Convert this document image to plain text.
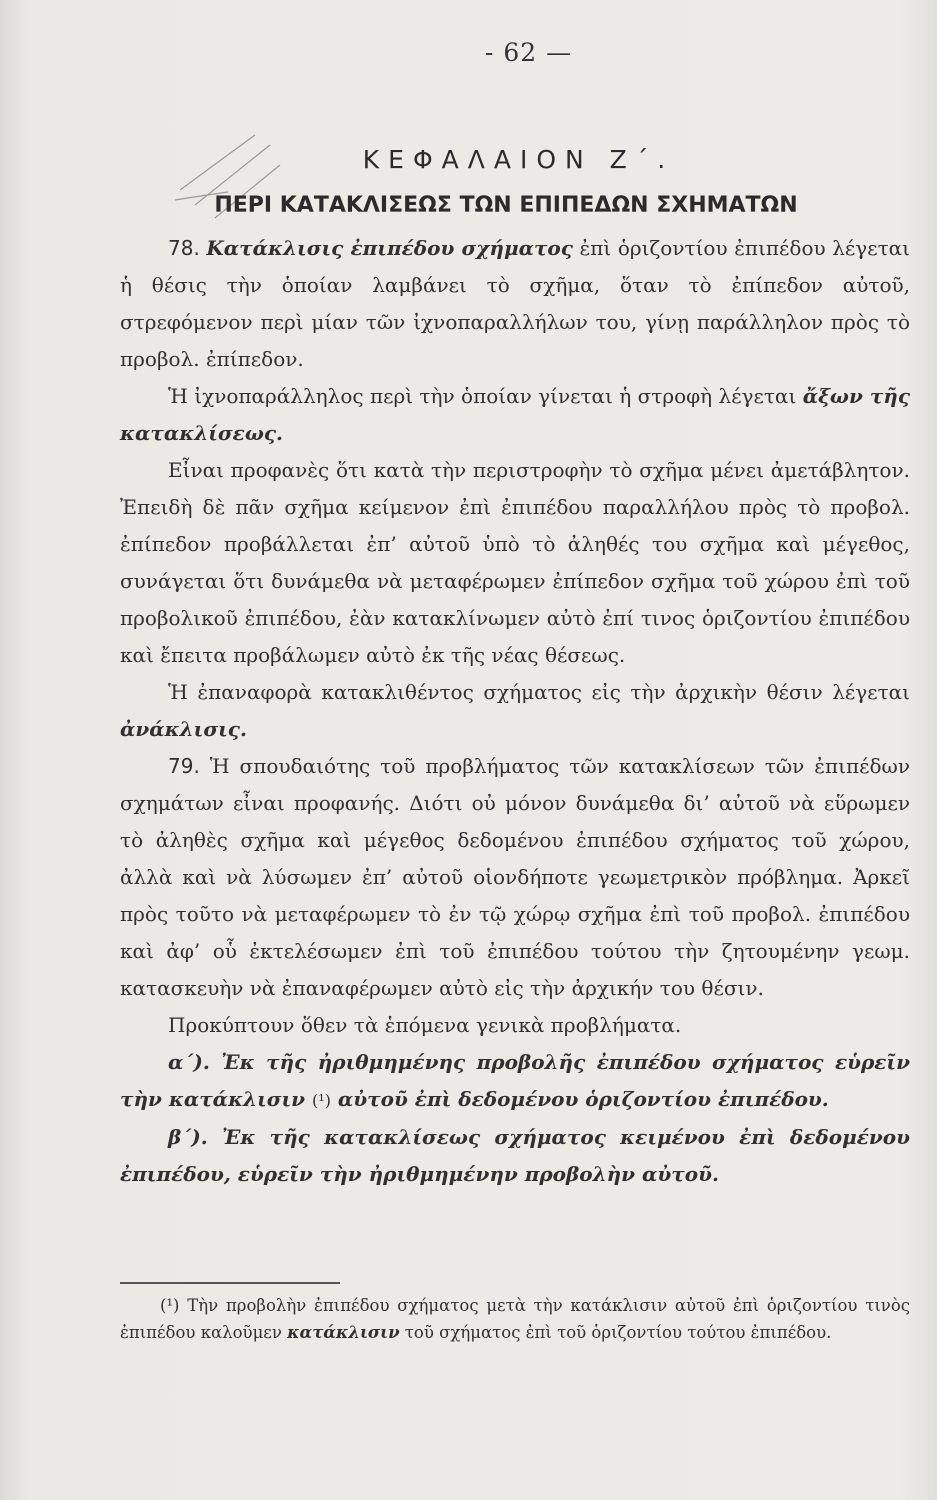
- 62 —
ΚΕΦΑΛΑΙΟΝ Ζ΄.
ΠΕΡΙ ΚΑΤΑΚΛΙΣΕΩΣ ΤΩΝ ΕΠΙΠΕΔΩΝ ΣΧΗΜΑΤΩΝ

78. Κατάκλισις ἐπιπέδου σχήματος ἐπὶ ὁριζοντίου ἐπιπέδου λέγεται ἡ θέσις τὴν ὁποίαν λαμβάνει τὸ σχῆμα, ὅταν τὸ ἐπίπεδον αὐτοῦ, στρεφόμενον περὶ μίαν τῶν ἰχνοπαραλλήλων του, γίνῃ παράλληλον πρὸς τὸ προβολ. ἐπίπεδον.

Ἡ ἰχνοπαράλληλος περὶ τὴν ὁποίαν γίνεται ἡ στροφὴ λέγεται ἄξων τῆς κατακλίσεως.

Εἶναι προφανὲς ὅτι κατὰ τὴν περιστροφὴν τὸ σχῆμα μένει ἀμετάβλητον. Ἐπειδὴ δὲ πᾶν σχῆμα κείμενον ἐπὶ ἐπιπέδου παραλλήλου πρὸς τὸ προβολ. ἐπίπεδον προβάλλεται ἐπ’ αὐτοῦ ὑπὸ τὸ ἀληθές του σχῆμα καὶ μέγεθος, συνάγεται ὅτι δυνάμεθα νὰ μεταφέρωμεν ἐπίπεδον σχῆμα τοῦ χώρου ἐπὶ τοῦ προβολικοῦ ἐπιπέδου, ἐὰν κατακλίνωμεν αὐτὸ ἐπί τινος ὁριζοντίου ἐπιπέδου καὶ ἔπειτα προβάλωμεν αὐτὸ ἐκ τῆς νέας θέσεως.

Ἡ ἐπαναφορὰ κατακλιθέντος σχήματος εἰς τὴν ἀρχικὴν θέσιν λέγεται ἀνάκλισις.

79. Ἡ σπουδαιότης τοῦ προβλήματος τῶν κατακλίσεων τῶν ἐπιπέδων σχημάτων εἶναι προφανής. Διότι οὐ μόνον δυνάμεθα δι’ αὐτοῦ νὰ εὕρωμεν τὸ ἀληθὲς σχῆμα καὶ μέγεθος δεδομένου ἐπιπέδου σχήματος τοῦ χώρου, ἀλλὰ καὶ νὰ λύσωμεν ἐπ’ αὐτοῦ οἱονδήποτε γεωμετρικὸν πρόβλημα. Ἀρκεῖ πρὸς τοῦτο νὰ μεταφέρωμεν τὸ ἐν τῷ χώρῳ σχῆμα ἐπὶ τοῦ προβολ. ἐπιπέδου καὶ ἀφ’ οὗ ἐκτελέσωμεν ἐπὶ τοῦ ἐπιπέδου τούτου τὴν ζητουμένην γεωμ. κατασκευὴν νὰ ἐπαναφέρωμεν αὐτὸ εἰς τὴν ἀρχικήν του θέσιν.

Προκύπτουν ὅθεν τὰ ἑπόμενα γενικὰ προβλήματα.

α΄). Ἐκ τῆς ἠριθμημένης προβολῆς ἐπιπέδου σχήματος εὑρεῖν τὴν κατάκλισιν (¹) αὐτοῦ ἐπὶ δεδομένου ὁριζοντίου ἐπιπέδου.

β΄). Ἐκ τῆς κατακλίσεως σχήματος κειμένου ἐπὶ δεδομένου ἐπιπέδου, εὑρεῖν τὴν ἠριθμημένην προβολὴν αὐτοῦ.

(¹) Τὴν προβολὴν ἐπιπέδου σχήματος μετὰ τὴν κατάκλισιν αὐτοῦ ἐπὶ ὁριζοντίου τινὸς ἐπιπέδου καλοῦμεν κατάκλισιν τοῦ σχήματος ἐπὶ τοῦ ὁριζοντίου τούτου ἐπιπέδου.
